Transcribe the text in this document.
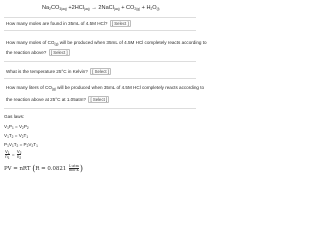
$Na_2CO_{3(aq)} +2HCl_{(aq)}$ → 2NaCl$_{(aq)}$ + $CO_{2(g)} + H_2O_{(l)}$
How many moles are found in 35mL of 4.5M HCl? [ Select ]
How many moles of $CO_{(g)}$ will be produced when 35mL of 4.5M HCl completely reacts according to
the reaction above? [ Select ]
What is the temperature 25°C in Kelvin? [ Select ]
How many liters of $CO_{(g)}$ will be produced when 35mL of 4.5M HCl completely reacts according to
the reaction above at 25°C at 1.05atm? [ Select ]
Gas laws:
$V_1P_1 = V_2P_2$
$V_1T_2 = V_2T_1$
$P_1V_1T_2 = P_2V_2T_1$
$\frac{V_1}{n_1} = \frac{V_2}{n_2}$
PV = nRT ($R = 0.0821 \frac{\text{L·atm}}{\text{mol·K}}$ )
